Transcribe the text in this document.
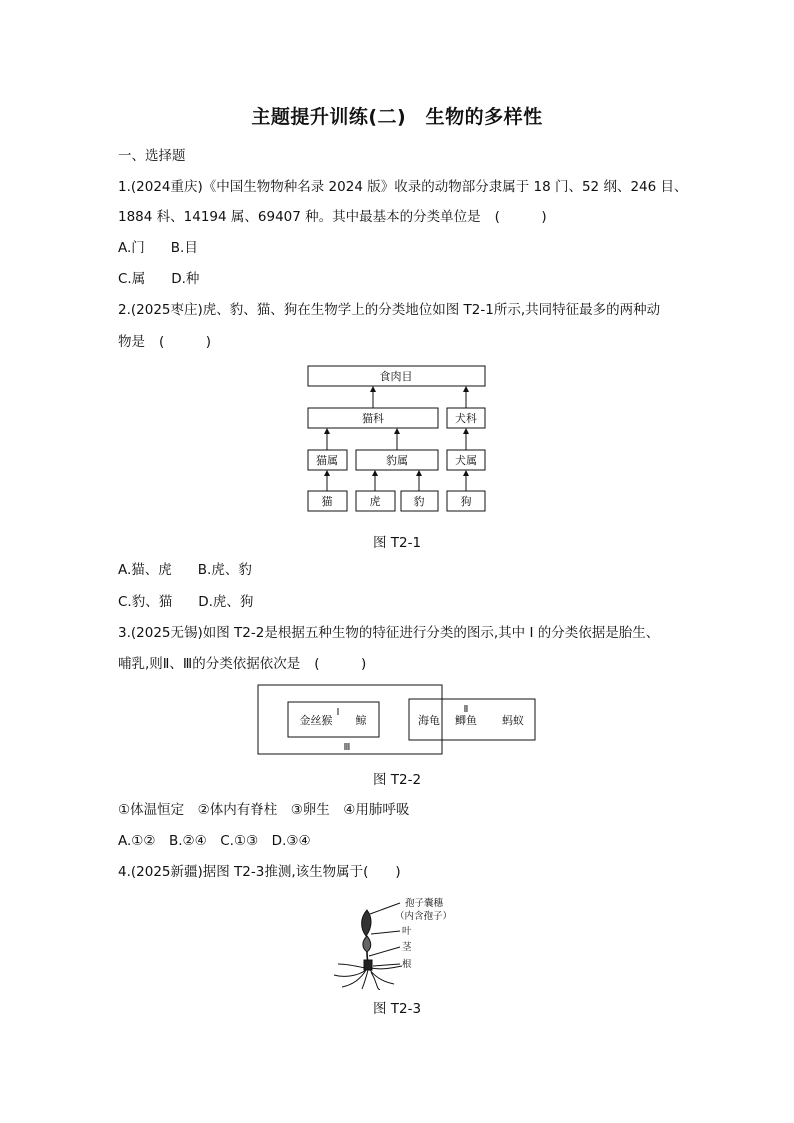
主题提升训练(二)　生物的多样性
一、选择题
1.(2024重庆)《中国生物物种名录 2024 版》收录的动物部分隶属于 18 门、52 纲、246 目、
1884 科、14194 属、69407 种。其中最基本的分类单位是 (　)
A.门 B.目
C.属 D.种
2.(2025枣庄)虎、豹、猫、狗在生物学上的分类地位如图 T2-1所示,共同特征最多的两种动
物是 (　)
食肉目
猫科	犬科
猫属	豹属	犬属
猫	虎	豹	狗
图 T2-1
A.猫、虎 B.虎、豹
C.豹、猫 D.虎、狗
3.(2025无锡)如图 T2-2是根据五种生物的特征进行分类的图示,其中 Ⅰ 的分类依据是胎生、
哺乳,则Ⅱ、Ⅲ的分类依据依次是 (　)
Ⅰ
金丝猴 鲸
Ⅱ
海龟 鲫鱼 蚂蚁
Ⅲ
图 T2-2
①体温恒定　②体内有脊柱　③卵生　④用肺呼吸
A.①②　B.②④　C.①③　D.③④
4.(2025新疆)据图 T2-3推测,该生物属于(　　)
孢子囊穗
（内含孢子）
叶
茎
根
图 T2-3
